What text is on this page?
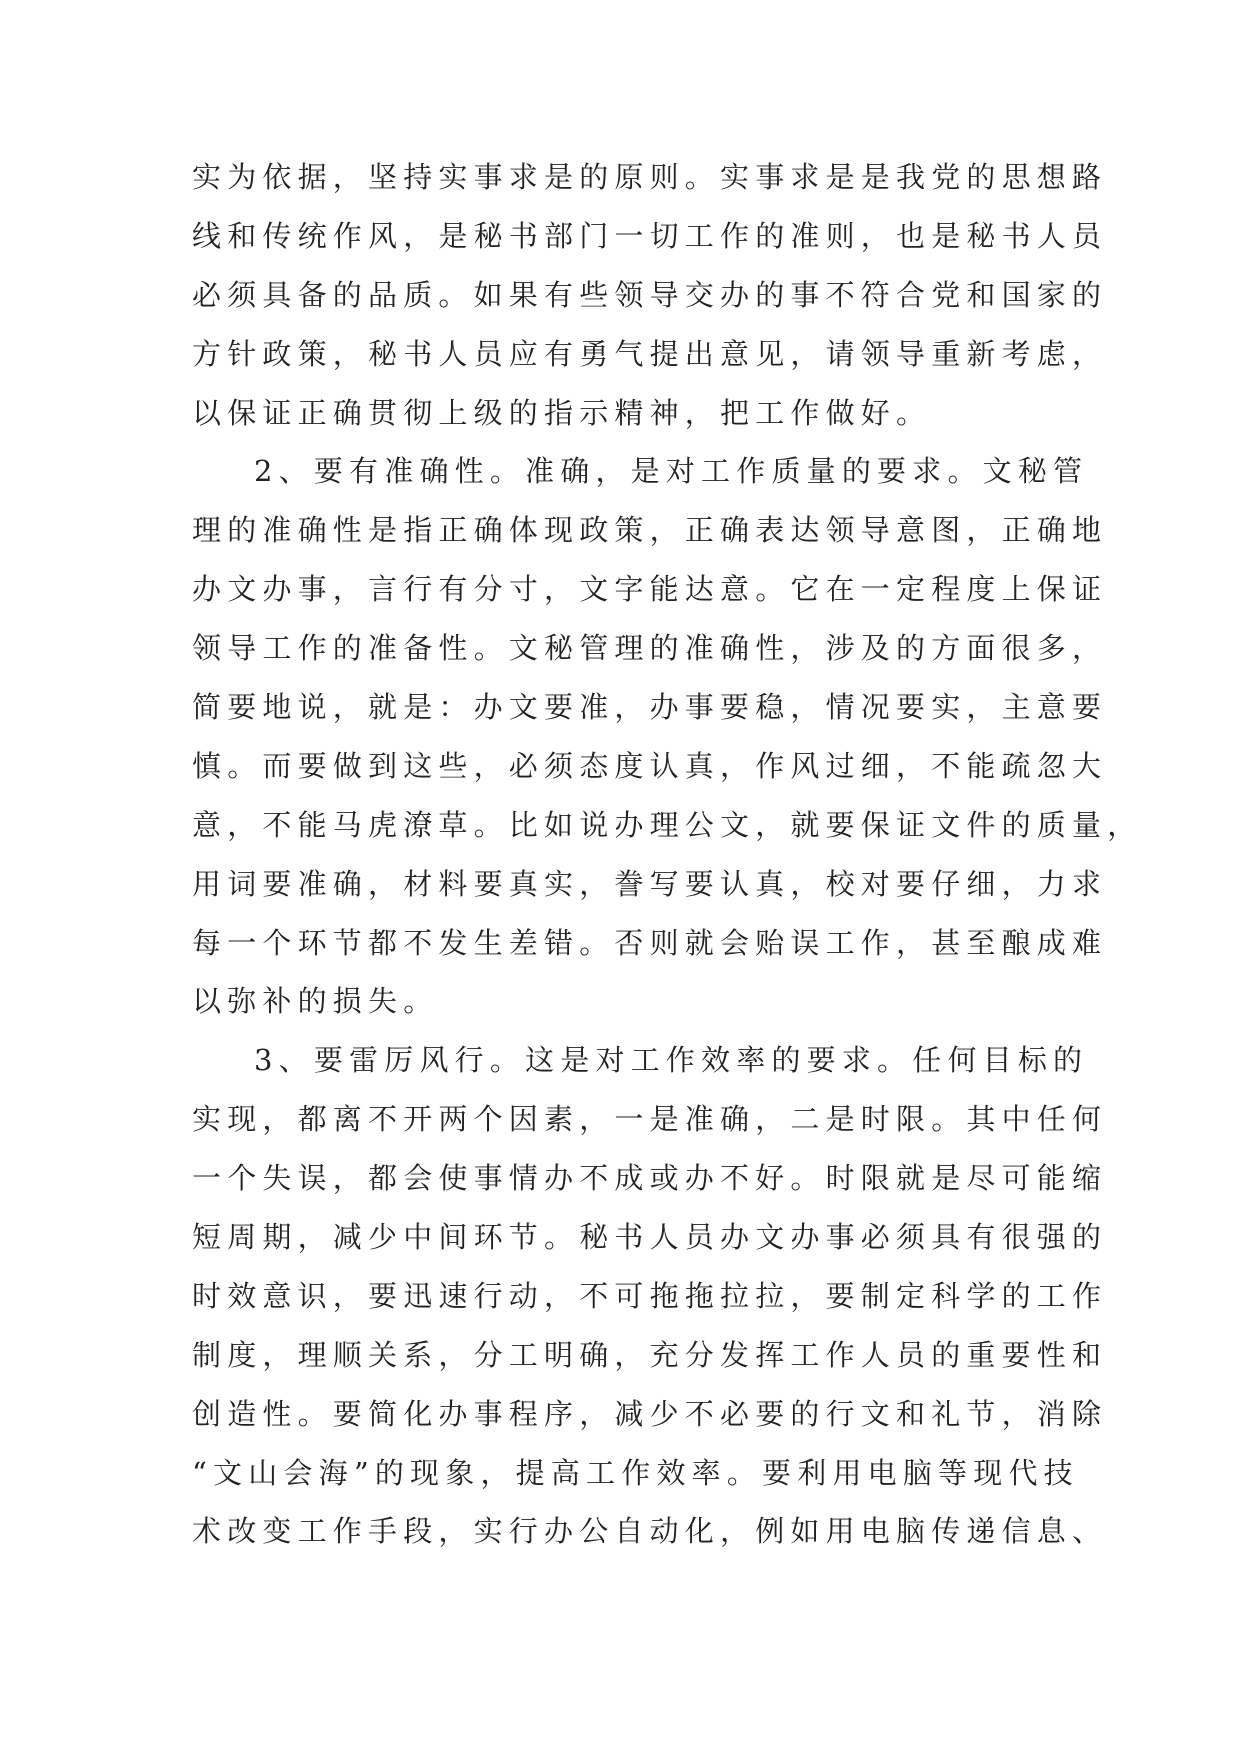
实为依据，坚持实事求是的原则。实事求是是我党的思想路
线和传统作风，是秘书部门一切工作的准则，也是秘书人员
必须具备的品质。如果有些领导交办的事不符合党和国家的
方针政策，秘书人员应有勇气提出意见，请领导重新考虑，
以保证正确贯彻上级的指示精神，把工作做好。
2、要有准确性。准确，是对工作质量的要求。文秘管
理的准确性是指正确体现政策，正确表达领导意图，正确地
办文办事，言行有分寸，文字能达意。它在一定程度上保证
领导工作的准备性。文秘管理的准确性，涉及的方面很多，
简要地说，就是：办文要准，办事要稳，情况要实，主意要
慎。而要做到这些，必须态度认真，作风过细，不能疏忽大
意，不能马虎潦草。比如说办理公文，就要保证文件的质量，
用词要准确，材料要真实，誊写要认真，校对要仔细，力求
每一个环节都不发生差错。否则就会贻误工作，甚至酿成难
以弥补的损失。
3、要雷厉风行。这是对工作效率的要求。任何目标的
实现，都离不开两个因素，一是准确，二是时限。其中任何
一个失误，都会使事情办不成或办不好。时限就是尽可能缩
短周期，减少中间环节。秘书人员办文办事必须具有很强的
时效意识，要迅速行动，不可拖拖拉拉，要制定科学的工作
制度，理顺关系，分工明确，充分发挥工作人员的重要性和
创造性。要简化办事程序，减少不必要的行文和礼节，消除
“文山会海”的现象，提高工作效率。要利用电脑等现代技
术改变工作手段，实行办公自动化，例如用电脑传递信息、
